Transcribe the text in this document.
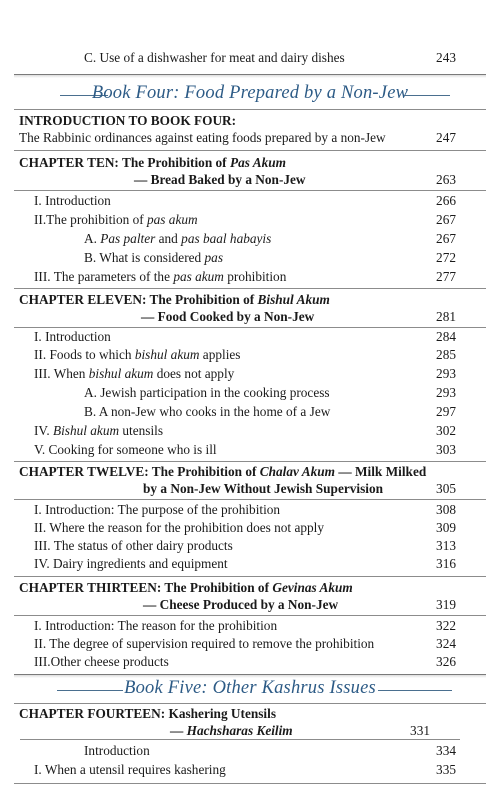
C. Use of a dishwasher for meat and dairy dishes	243
Book Four: Food Prepared by a Non-Jew
INTRODUCTION TO BOOK FOUR:
The Rabbinic ordinances against eating foods prepared by a non-Jew	247
CHAPTER TEN: The Prohibition of Pas Akum
— Bread Baked by a Non-Jew	263
I. Introduction	266
II.The prohibition of pas akum	267
A. Pas palter and pas baal habayis	267
B. What is considered pas	272
III. The parameters of the pas akum prohibition	277
CHAPTER ELEVEN: The Prohibition of Bishul Akum
— Food Cooked by a Non-Jew	281
I. Introduction	284
II. Foods to which bishul akum applies	285
III. When bishul akum does not apply	293
A. Jewish participation in the cooking process	293
B. A non-Jew who cooks in the home of a Jew	297
IV. Bishul akum utensils	302
V. Cooking for someone who is ill	303
CHAPTER TWELVE: The Prohibition of Chalav Akum — Milk Milked
by a Non-Jew Without Jewish Supervision	305
I. Introduction: The purpose of the prohibition	308
II. Where the reason for the prohibition does not apply	309
III. The status of other dairy products	313
IV. Dairy ingredients and equipment	316
CHAPTER THIRTEEN: The Prohibition of Gevinas Akum
— Cheese Produced by a Non-Jew	319
I. Introduction: The reason for the prohibition	322
II. The degree of supervision required to remove the prohibition	324
III.Other cheese products	326
Book Five: Other Kashrus Issues
CHAPTER FOURTEEN: Kashering Utensils
— Hachsharas Keilim	331
Introduction	334
I. When a utensil requires kashering	335
